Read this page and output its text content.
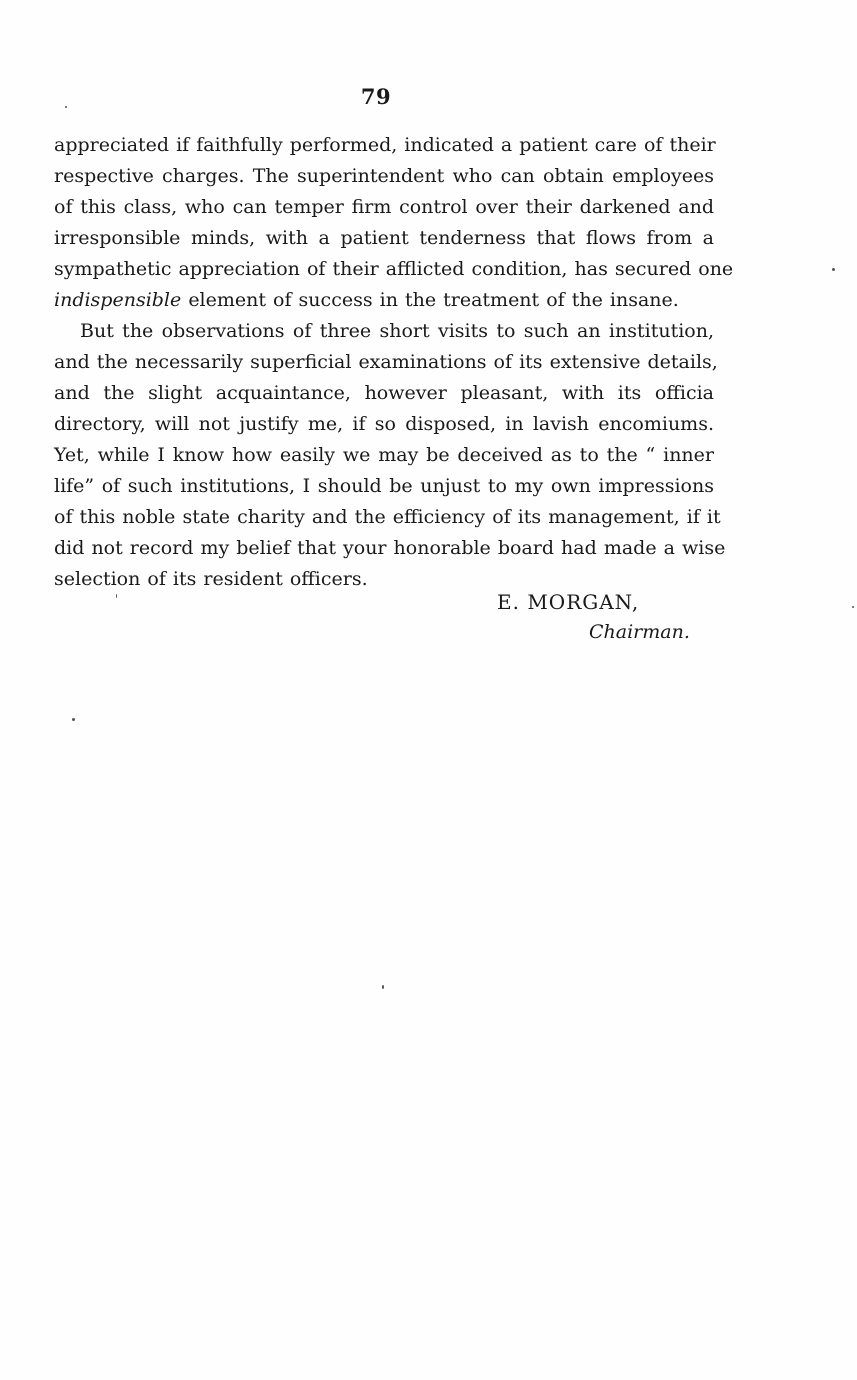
79
appreciated if faithfully performed, indicated a patient care of their
respective charges. The superintendent who can obtain employees
of this class, who can temper firm control over their darkened and
irresponsible minds, with a patient tenderness that flows from a
sympathetic appreciation of their afflicted condition, has secured one
indispensible element of success in the treatment of the insane.
But the observations of three short visits to such an institution,
and the necessarily superficial examinations of its extensive details,
and the slight acquaintance, however pleasant, with its officia
directory, will not justify me, if so disposed, in lavish encomiums.
Yet, while I know how easily we may be deceived as to the “ inner
life” of such institutions, I should be unjust to my own impressions
of this noble state charity and the efficiency of its management, if it
did not record my belief that your honorable board had made a wise
selection of its resident officers.
E. MORGAN,
Chairman.
